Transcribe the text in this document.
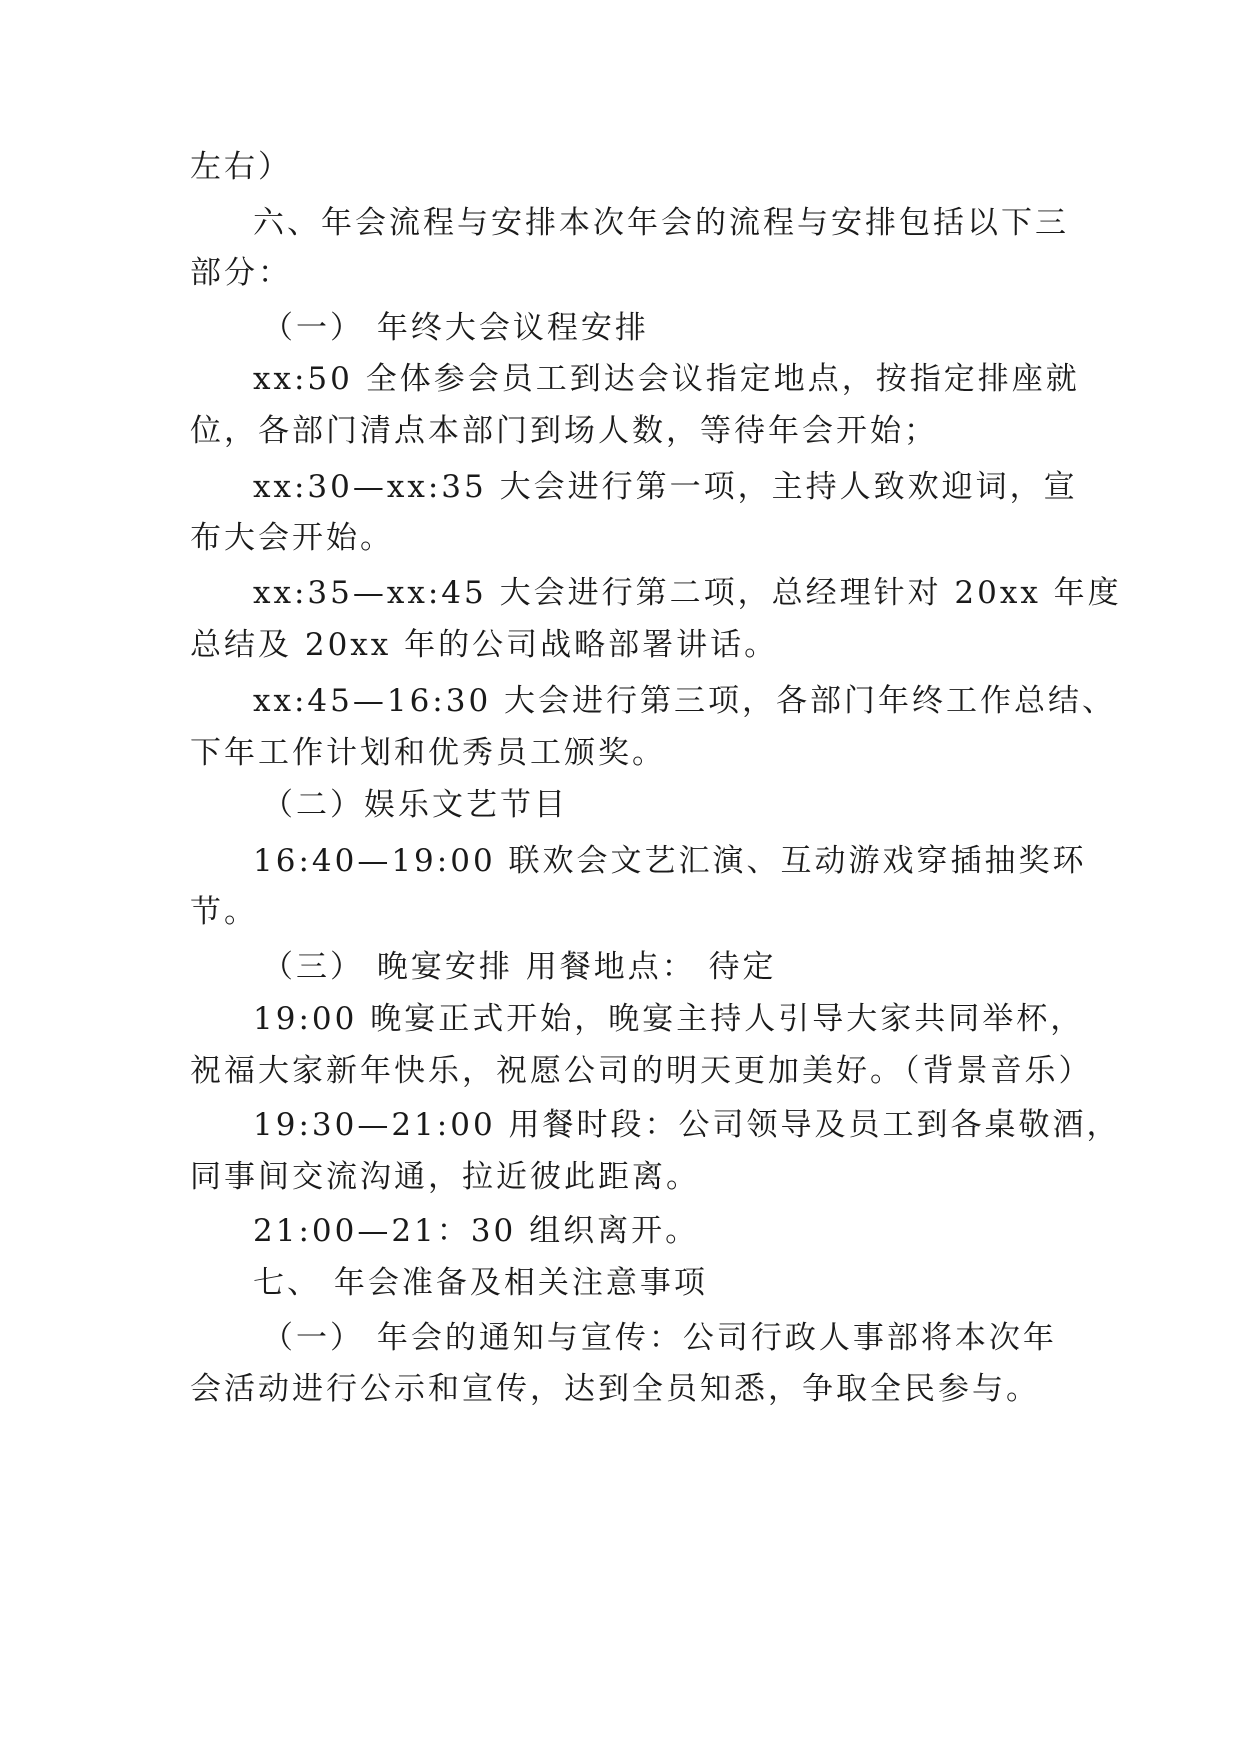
左右）

六、年会流程与安排本次年会的流程与安排包括以下三

部分：

（一） 年终大会议程安排

xx:50 全体参会员工到达会议指定地点，按指定排座就

位，各部门清点本部门到场人数，等待年会开始；

xx:30—xx:35 大会进行第一项，主持人致欢迎词，宣

布大会开始。

xx:35—xx:45 大会进行第二项，总经理针对 20xx 年度

总结及 20xx 年的公司战略部署讲话。

xx:45—16:30 大会进行第三项，各部门年终工作总结、

下年工作计划和优秀员工颁奖。

（二）娱乐文艺节目

16:40—19:00 联欢会文艺汇演、互动游戏穿插抽奖环

节。

（三） 晚宴安排 用餐地点： 待定

19:00 晚宴正式开始，晚宴主持人引导大家共同举杯，

祝福大家新年快乐，祝愿公司的明天更加美好。（背景音乐）

19:30—21:00 用餐时段：公司领导及员工到各桌敬酒，

同事间交流沟通，拉近彼此距离。

21:00—21：30 组织离开。

七、 年会准备及相关注意事项

（一） 年会的通知与宣传：公司行政人事部将本次年

会活动进行公示和宣传，达到全员知悉，争取全民参与。
